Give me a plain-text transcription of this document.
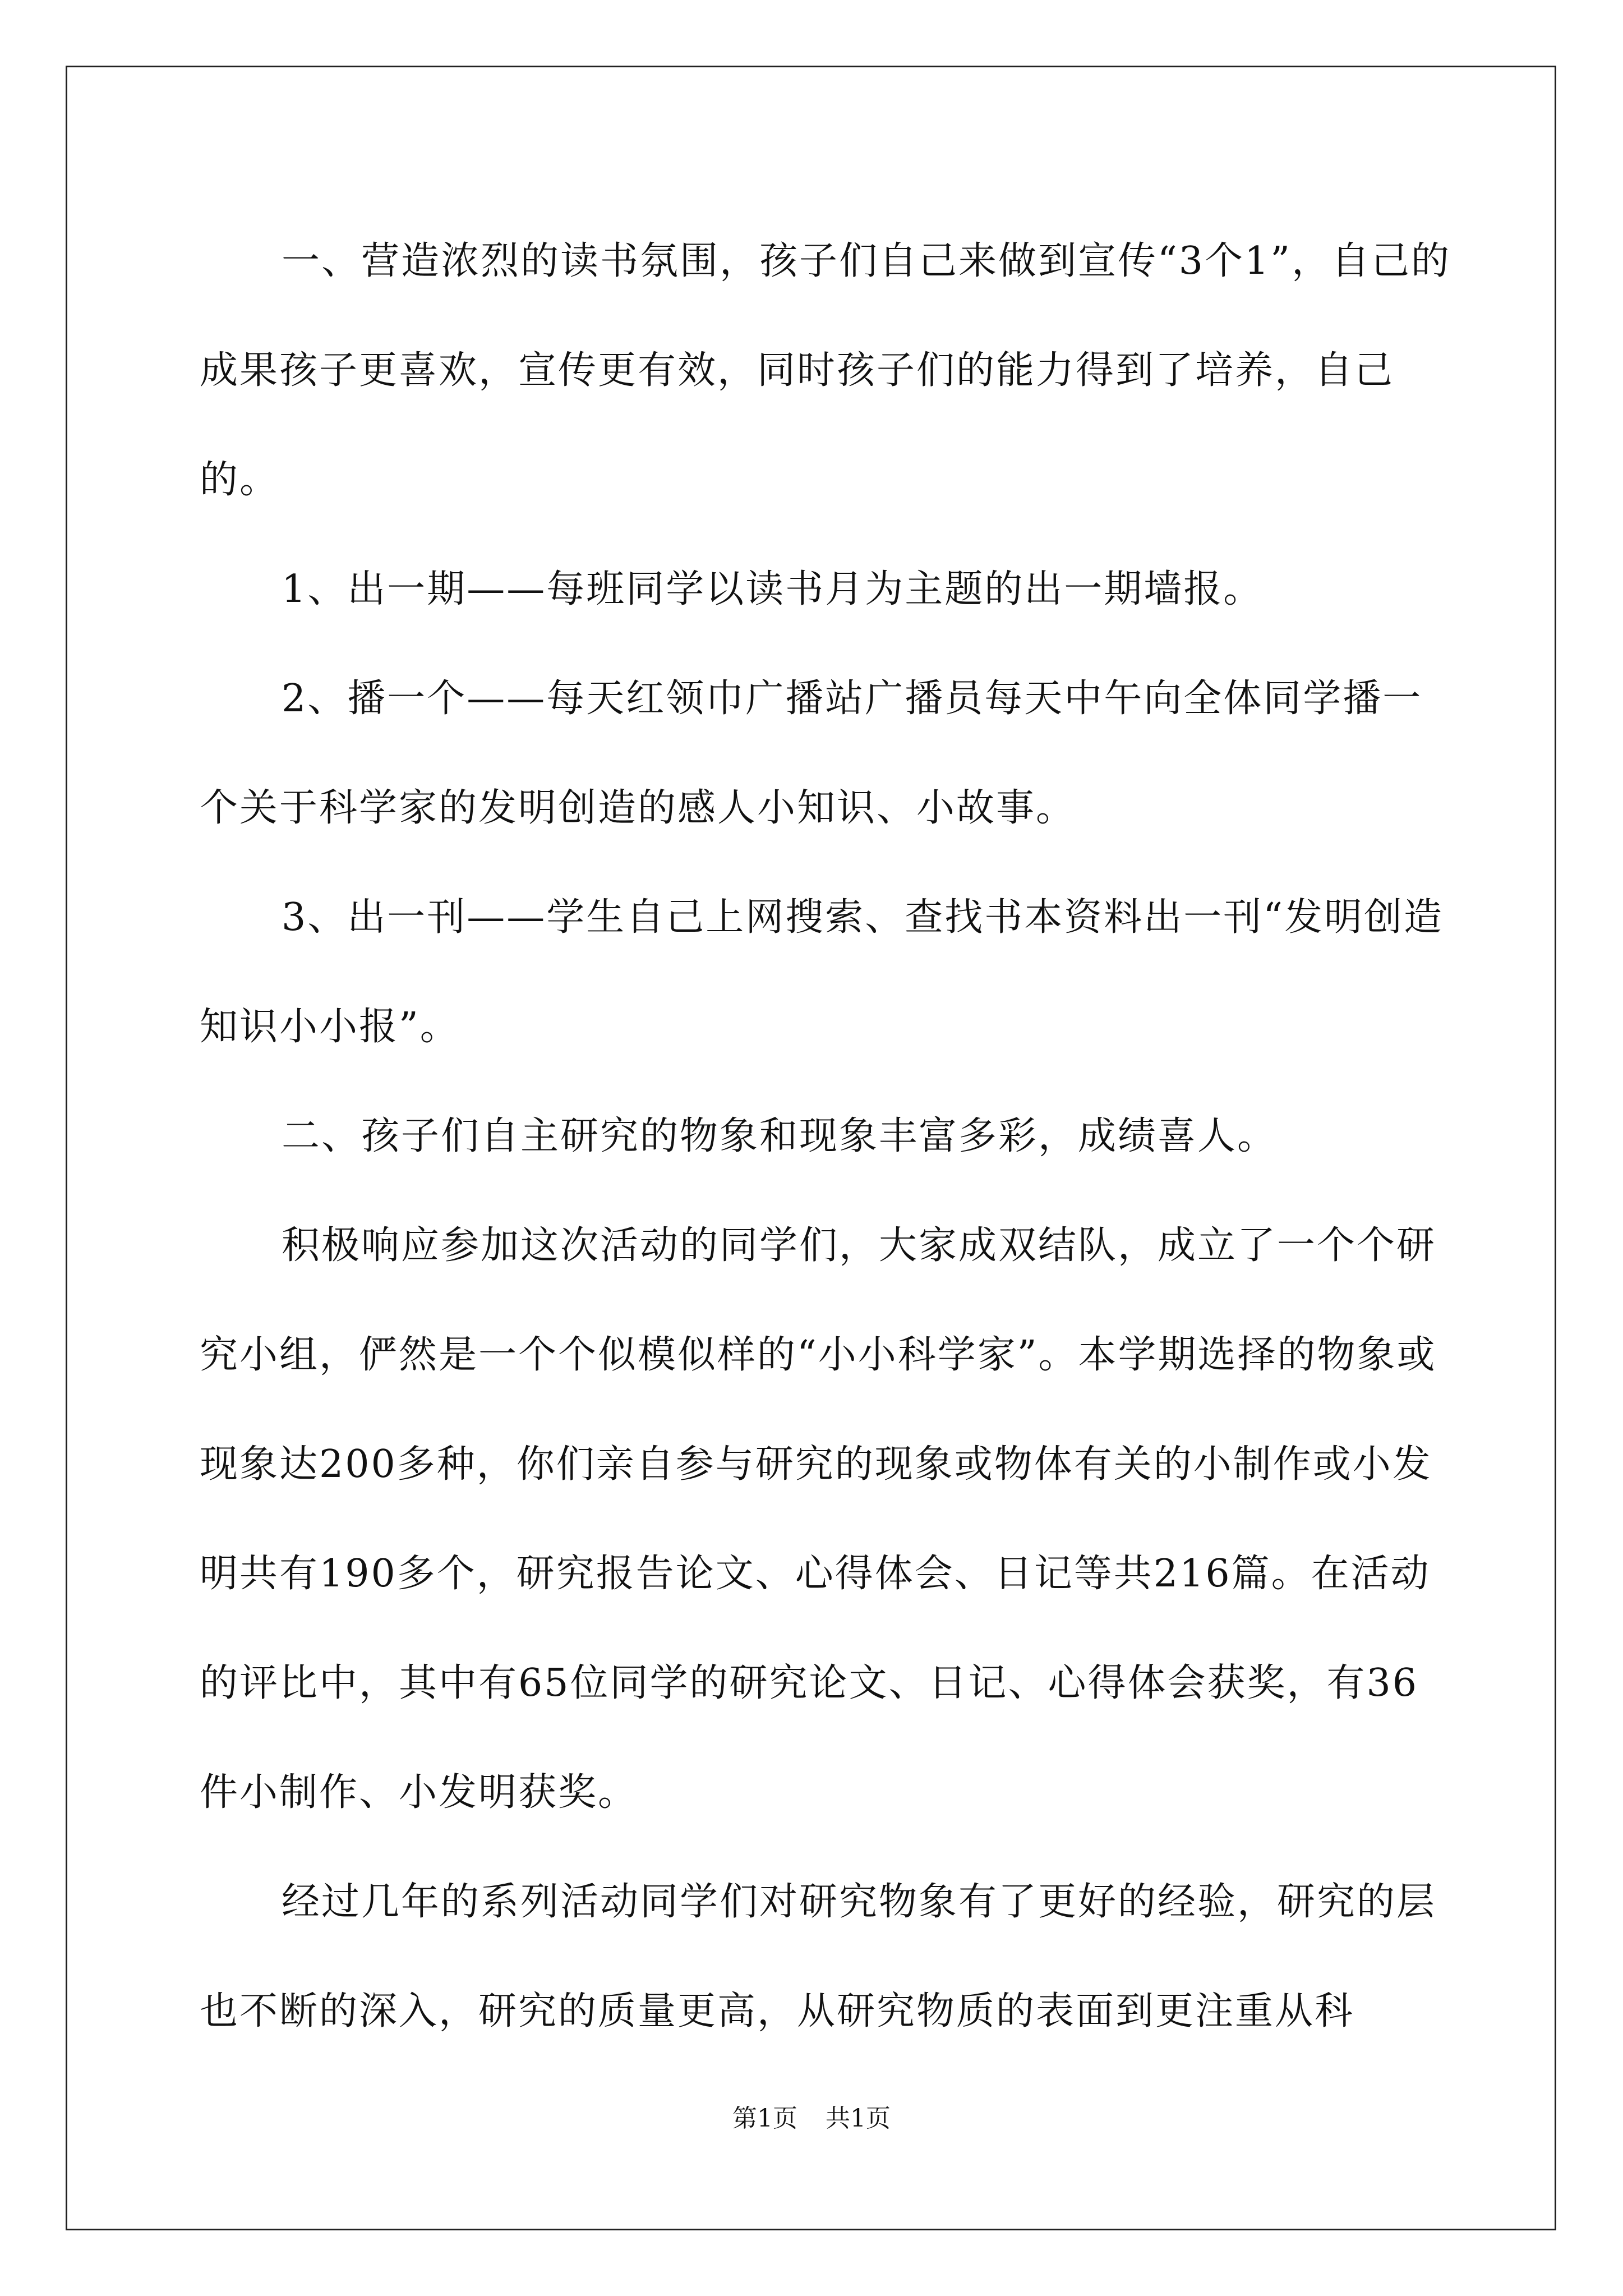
一、营造浓烈的读书氛围，孩子们自己来做到宣传“3个1”，自己的成果孩子更喜欢，宣传更有效，同时孩子们的能力得到了培养，自己的。

1、出一期——每班同学以读书月为主题的出一期墙报。

2、播一个——每天红领巾广播站广播员每天中午向全体同学播一个关于科学家的发明创造的感人小知识、小故事。

3、出一刊——学生自己上网搜索、查找书本资料出一刊“发明创造知识小小报”。

二、孩子们自主研究的物象和现象丰富多彩，成绩喜人。

积极响应参加这次活动的同学们，大家成双结队，成立了一个个研究小组，俨然是一个个似模似样的“小小科学家”。本学期选择的物象或现象达200多种，你们亲自参与研究的现象或物体有关的小制作或小发明共有190多个，研究报告论文、心得体会、日记等共216篇。在活动的评比中，其中有65位同学的研究论文、日记、心得体会获奖，有36件小制作、小发明获奖。

经过几年的系列活动同学们对研究物象有了更好的经验，研究的层也不断的深入，研究的质量更高，从研究物质的表面到更注重从科

第1页 共1页
